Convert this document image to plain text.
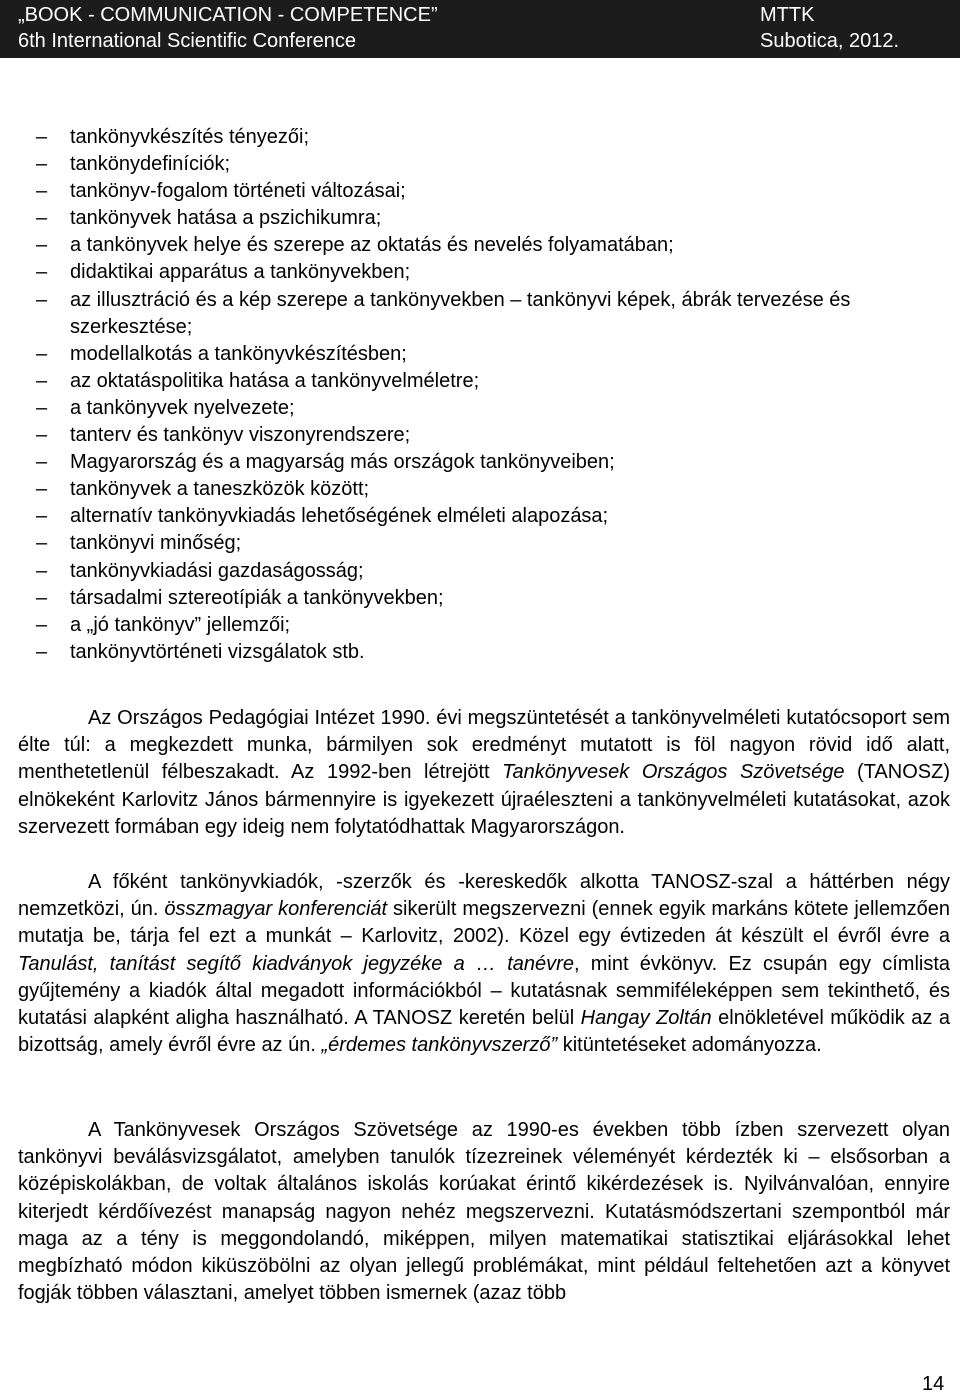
„BOOK - COMMUNICATION - COMPETENCE”	MTTK
6th International Scientific Conference	Subotica, 2012.
– tankönyvkészítés tényezői;
– tankönydefiníciók;
– tankönyv-fogalom történeti változásai;
– tankönyvek hatása a pszichikumra;
– a tankönyvek helye és szerepe az oktatás és nevelés folyamatában;
– didaktikai apparátus a tankönyvekben;
– az illusztráció és a kép szerepe a tankönyvekben – tankönyvi képek, ábrák tervezése és szerkesztése;
– modellalkotás a tankönyvkészítésben;
– az oktatáspolitika hatása a tankönyvelméletre;
– a tankönyvek nyelvezete;
– tanterv és tankönyv viszonyrendszere;
– Magyarország és a magyarság más országok tankönyveiben;
– tankönyvek a taneszközök között;
– alternatív tankönyvkiadás lehetőségének elméleti alapozása;
– tankönyvi minőség;
– tankönyvkiadási gazdaságosság;
– társadalmi sztereotípiák a tankönyvekben;
– a „jó tankönyv” jellemzői;
– tankönyvtörténeti vizsgálatok stb.

Az Országos Pedagógiai Intézet 1990. évi megszüntetését a tankönyvelméleti kutatócsoport sem élte túl: a megkezdett munka, bármilyen sok eredményt mutatott is föl nagyon rövid idő alatt, menthetetlenül félbeszakadt. Az 1992-ben létrejött Tankönyvesek Országos Szövetsége (TANOSZ) elnökeként Karlovitz János bármennyire is igyekezett újraéleszteni a tankönyvelméleti kutatásokat, azok szervezett formában egy ideig nem folytatódhattak Magyarországon.

A főként tankönyvkiadók, -szerzők és -kereskedők alkotta TANOSZ-szal a háttérben négy nemzetközi, ún. összmagyar konferenciát sikerült megszervezni (ennek egyik markáns kötete jellemzően mutatja be, tárja fel ezt a munkát – Karlovitz, 2002). Közel egy évtizeden át készült el évről évre a Tanulást, tanítást segítő kiadványok jegyzéke a … tanévre, mint évkönyv. Ez csupán egy címlista gyűjtemény a kiadók által megadott információkból – kutatásnak semmiféleképpen sem tekinthető, és kutatási alapként aligha használható. A TANOSZ keretén belül Hangay Zoltán elnökletével működik az a bizottság, amely évről évre az ún. „érdemes tankönyvszerző” kitüntetéseket adományozza.

A Tankönyvesek Országos Szövetsége az 1990-es években több ízben szervezett olyan tankönyvi beválásvizsgálatot, amelyben tanulók tízezreinek véleményét kérdezték ki – elsősorban a középiskolákban, de voltak általános iskolás korúakat érintő kikérdezések is. Nyilvánvalóan, ennyire kiterjedt kérdőívezést manapság nagyon nehéz megszervezni. Kutatásmódszertani szempontból már maga az a tény is meggondolandó, miképpen, milyen matematikai statisztikai eljárásokkal lehet megbízható módon kiküszöbölni az olyan jellegű problémákat, mint például feltehetően azt a könyvet fogják többen választani, amelyet többen ismernek (azaz több

14
